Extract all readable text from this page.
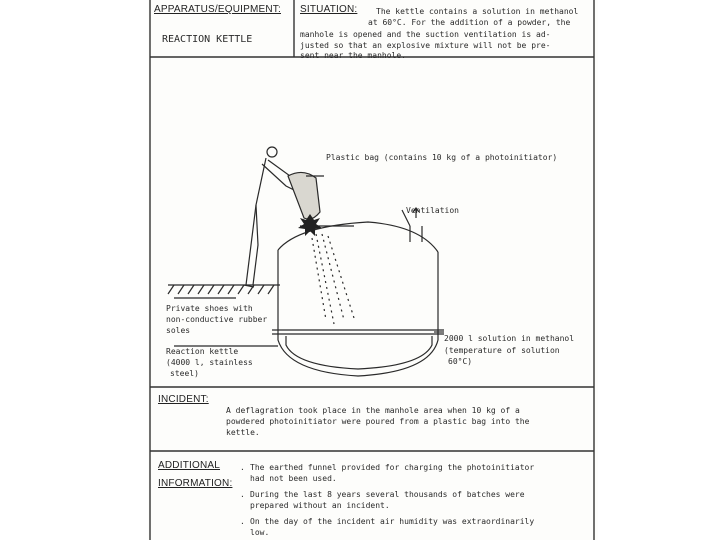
APPARATUS/EQUIPMENT:
REACTION KETTLE
SITUATION: The kettle contains a solution in methanol
at 60°C. For the addition of a powder, the
manhole is opened and the suction ventilation is ad-
justed so that an explosive mixture will not be pre-
sent near the manhole.
Plastic bag (contains 10 kg of a photoinitiator)
Ventilation
Private shoes with
non-conductive rubber
soles
Reaction kettle
(4000 l, stainless
steel)
2000 l solution in methanol
(temperature of solution
60°C)
INCIDENT:
A deflagration took place in the manhole area when 10 kg of a
powdered photoinitiator were poured from a plastic bag into the
kettle.
ADDITIONAL
INFORMATION:
. The earthed funnel provided for charging the photoinitiator
had not been used.
. During the last 8 years several thousands of batches were
prepared without an incident.
. On the day of the incident air humidity was extraordinarily
low.
